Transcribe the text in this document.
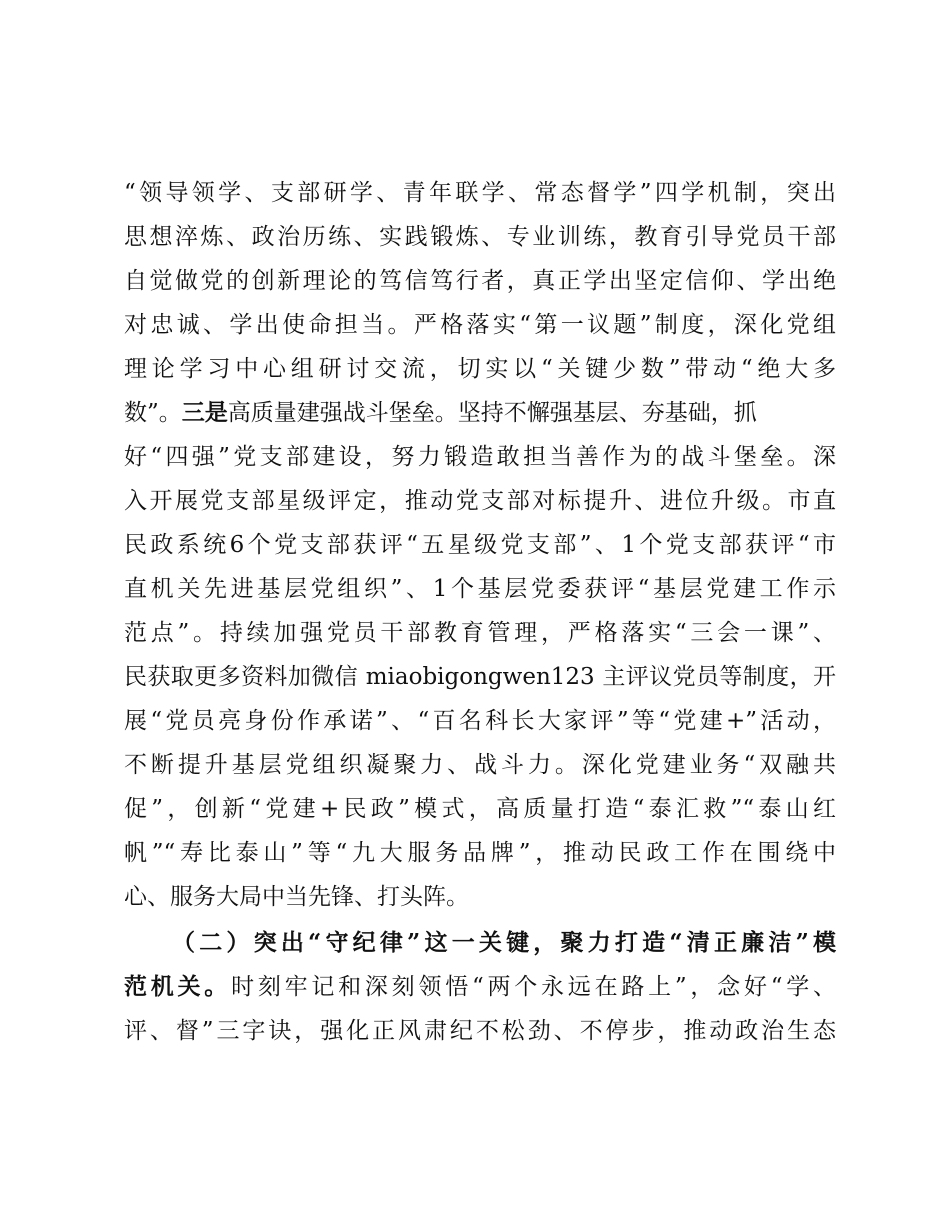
“领导领学、支部研学、青年联学、常态督学”四学机制，突出
思想淬炼、政治历练、实践锻炼、专业训练，教育引导党员干部
自觉做党的创新理论的笃信笃行者，真正学出坚定信仰、学出绝
对忠诚、学出使命担当。严格落实“第一议题”制度，深化党组
理论学习中心组研讨交流，切实以“关键少数”带动“绝大多
数”。三是高质量建强战斗堡垒。坚持不懈强基层、夯基础，抓
好“四强”党支部建设，努力锻造敢担当善作为的战斗堡垒。深
入开展党支部星级评定，推动党支部对标提升、进位升级。市直
民政系统6个党支部获评“五星级党支部”、1个党支部获评“市
直机关先进基层党组织”、1个基层党委获评“基层党建工作示
范点”。持续加强党员干部教育管理，严格落实“三会一课”、
民获取更多资料加微信 miaobigongwen123 主评议党员等制度，开
展“党员亮身份作承诺”、“百名科长大家评”等“党建+”活动，
不断提升基层党组织凝聚力、战斗力。深化党建业务“双融共
促”，创新“党建+民政”模式，高质量打造“泰汇救”“泰山红
帆”“寿比泰山”等“九大服务品牌”，推动民政工作在围绕中
心、服务大局中当先锋、打头阵。
（二）突出“守纪律”这一关键，聚力打造“清正廉洁”模
范机关。时刻牢记和深刻领悟“两个永远在路上”，念好“学、
评、督”三字诀，强化正风肃纪不松劲、不停步，推动政治生态
